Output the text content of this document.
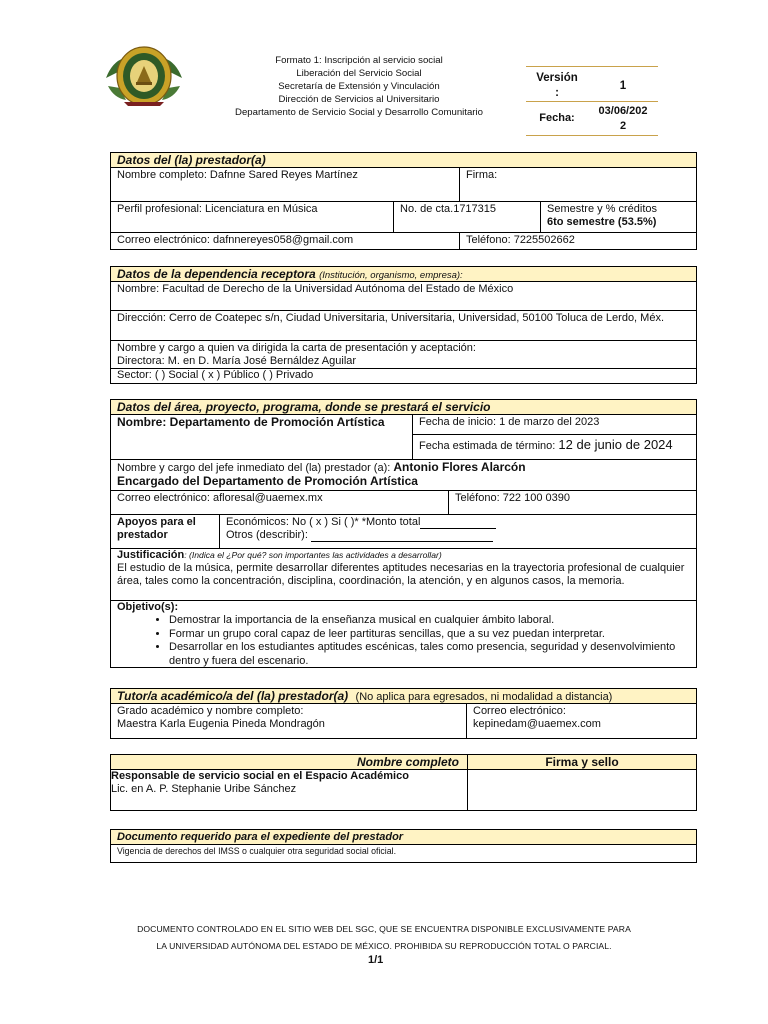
Formato 1: Inscripción al servicio social
Liberación del Servicio Social
Secretaría de Extensión y Vinculación
Dirección de Servicios al Universitario
Departamento de Servicio Social y Desarrollo Comunitario
Versión :
1
Fecha:
03/06/2022
Datos del (la) prestador(a)
Nombre completo: Dafnne Sared Reyes Martínez	Firma:
Perfil profesional: Licenciatura en Música	No. de cta.1717315	Semestre y % créditos
6to semestre (53.5%)
Correo electrónico: dafnnereyes058@gmail.com	Teléfono: 7225502662
Datos de la dependencia receptora (Institución, organismo, empresa):
Nombre: Facultad de Derecho de la Universidad Autónoma del Estado de México
Dirección: Cerro de Coatepec s/n, Ciudad Universitaria, Universitaria, Universidad, 50100 Toluca de Lerdo, Méx.
Nombre y cargo a quien va dirigida la carta de presentación y aceptación:
Directora: M. en D. María José Bernáldez Aguilar
Sector: ( ) Social ( x ) Público ( ) Privado
Datos del área, proyecto, programa, donde se prestará el servicio
Nombre: Departamento de Promoción Artística	Fecha de inicio: 1 de marzo del 2023
Fecha estimada de término: 12 de junio de 2024
Nombre y cargo del jefe inmediato del (la) prestador (a): Antonio Flores Alarcón
Encargado del Departamento de Promoción Artística
Correo electrónico: afloresal@uaemex.mx	Teléfono: 722 100 0390
Apoyos para el prestador
Económicos: No ( x ) Si ( )* *Monto total
Otros (describir):
Justificación: (Indica el ¿Por qué? son importantes las actividades a desarrollar)
El estudio de la música, permite desarrollar diferentes aptitudes necesarias en la trayectoria profesional de cualquier área, tales como la concentración, disciplina, coordinación, la atención, y en algunos casos, la memoria.
Objetivo(s):
• Demostrar la importancia de la enseñanza musical en cualquier ámbito laboral.
• Formar un grupo coral capaz de leer partituras sencillas, que a su vez puedan interpretar.
• Desarrollar en los estudiantes aptitudes escénicas, tales como presencia, seguridad y desenvolvimiento dentro y fuera del escenario.
Tutor/a académico/a del (la) prestador(a) (No aplica para egresados, ni modalidad a distancia)
Grado académico y nombre completo:
Maestra Karla Eugenia Pineda Mondragón
Correo electrónico:
kepinedam@uaemex.com
Nombre completo	Firma y sello
Responsable de servicio social en el Espacio Académico
Lic. en A. P. Stephanie Uribe Sánchez
Documento requerido para el expediente del prestador
Vigencia de derechos del IMSS o cualquier otra seguridad social oficial.
DOCUMENTO CONTROLADO EN EL SITIO WEB DEL SGC, QUE SE ENCUENTRA DISPONIBLE EXCLUSIVAMENTE PARA
LA UNIVERSIDAD AUTÓNOMA DEL ESTADO DE MÉXICO. PROHIBIDA SU REPRODUCCIÓN TOTAL O PARCIAL.
1/1
